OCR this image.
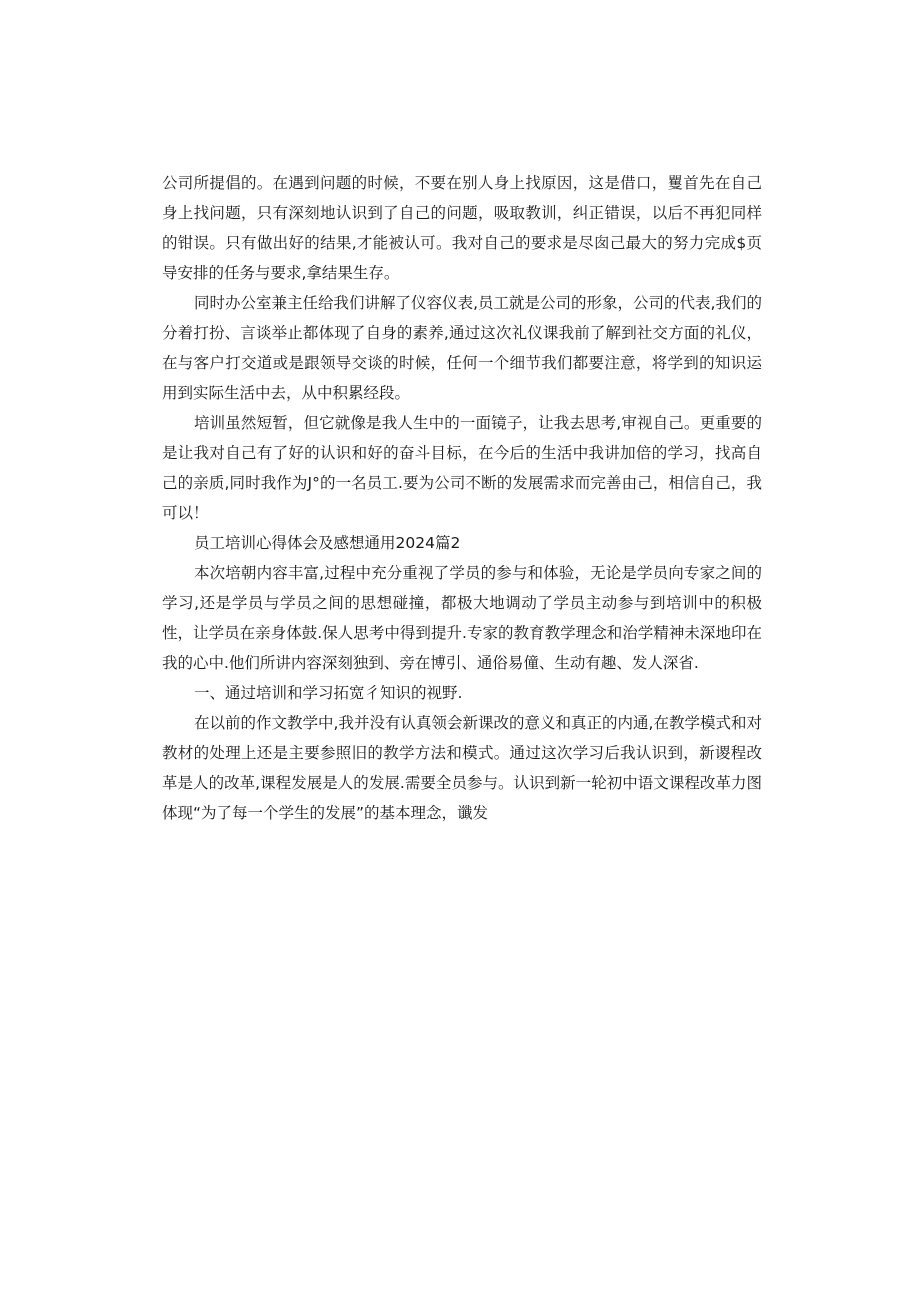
公司所提倡的。在遇到问题的时候，不要在别人身上找原因，这是借口，矍首先在自己身上找问题，只有深刻地认识到了自己的问题，吸取教训，纠正错误，以后不再犯同样的钳误。只有做出好的结果,才能被认可。我对自己的要求是尽囱己最大的努力完成$页导安排的任务与要求,拿结果生存。

同时办公室兼主任给我们讲解了仪容仪表,员工就是公司的形象，公司的代表,我们的分着打扮、言谈举止都体现了自身的素养,通过这次礼仪课我前了解到社交方面的礼仪，在与客户打交道或是跟领导交谈的时候，任何一个细节我们都要注意，将学到的知识运用到实际生活中去，从中积累经段。

培训虽然短暂，但它就像是我人生中的一面镜子，让我去思考,审视自己。更重要的是让我对自己有了好的认识和好的奋斗目标，在今后的生活中我讲加倍的学习，找高自己的亲质,同时我作为J°的一名员工.要为公司不断的发展需求而完善由己，相信自己，我可以！

员工培训心得体会及感想通用2024篇2

本次培朝内容丰富,过程中充分重视了学员的参与和体验，无论是学员向专家之间的学习,还是学员与学员之间的思想碰撞，都极大地调动了学员主动参与到培训中的积极性，让学员在亲身体鼓.保人思考中得到提升.专家的教育教学理念和治学精神未深地印在我的心中.他们所讲内容深刻独到、旁在博引、通俗易僮、生动有趣、发人深省.

一、通过培训和学习拓宽彳知识的视野.

在以前的作文教学中,我并没有认真领会新课改的意义和真正的内通,在教学模式和对教材的处理上还是主要参照旧的教学方法和模式。通过这次学习后我认识到，新谡程改革是人的改革,课程发展是人的发展.需要全员参与。认识到新一轮初中语文课程改革力图体现“为了每一个学生的发展”的基本理念，谶发
